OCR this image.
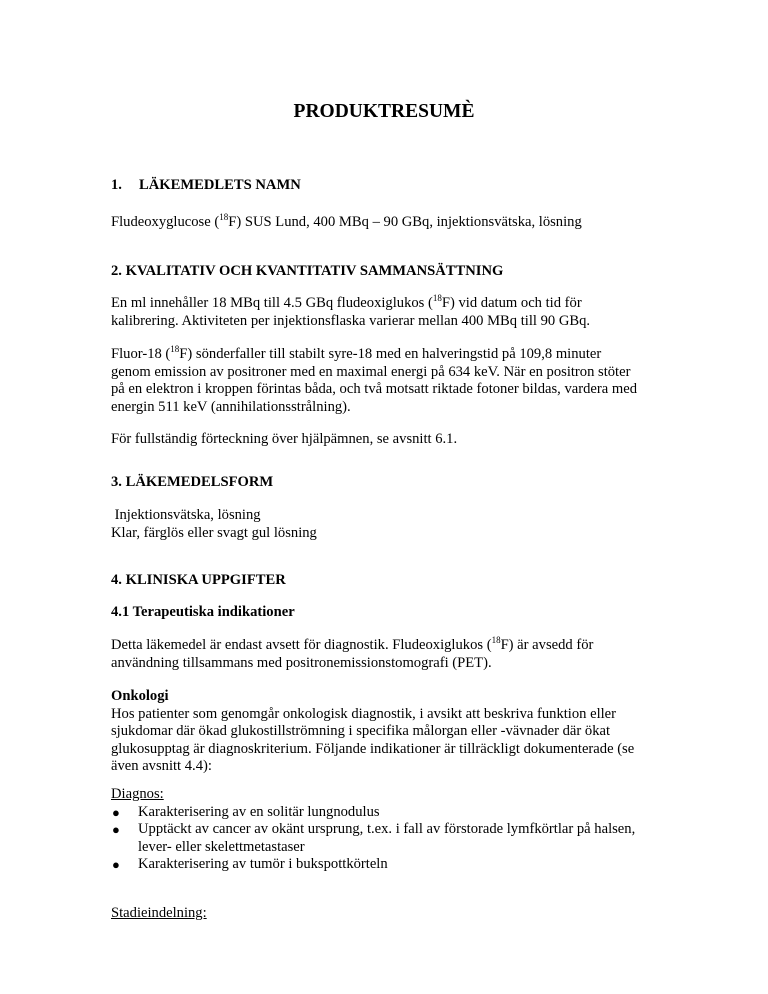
PRODUKTRESUMÈ
1. LÄKEMEDLETS NAMN

Fludeoxyglucose ($^{18}$F) SUS Lund, 400 MBq – 90 GBq, injektionsvätska, lösning

2. KVALITATIV OCH KVANTITATIV SAMMANSÄTTNING

En ml innehåller 18 MBq till 4.5 GBq fludeoxiglukos ($^{18}$F) vid datum och tid för
kalibrering. Aktiviteten per injektionsflaska varierar mellan 400 MBq till 90 GBq.

Fluor-18 ($^{18}$F) sönderfaller till stabilt syre-18 med en halveringstid på 109,8 minuter
genom emission av positroner med en maximal energi på 634 keV. När en positron stöter
på en elektron i kroppen förintas båda, och två motsatt riktade fotoner bildas, vardera med
energin 511 keV (annihilationsstrålning).

För fullständig förteckning över hjälpämnen, se avsnitt 6.1.

3. LÄKEMEDELSFORM

Injektionsvätska, lösning
Klar, färglös eller svagt gul lösning

4. KLINISKA UPPGIFTER
4.1 Terapeutiska indikationer

Detta läkemedel är endast avsett för diagnostik. Fludeoxiglukos ($^{18}$F) är avsedd för
användning tillsammans med positronemissionstomografi (PET).

Onkologi
Hos patienter som genomgår onkologisk diagnostik, i avsikt att beskriva funktion eller
sjukdomar där ökad glukostillströmning i specifika målorgan eller -vävnader där ökat
glukosupptag är diagnoskriterium. Följande indikationer är tillräckligt dokumenterade (se
även avsnitt 4.4):

Diagnos:
● Karakterisering av en solitär lungnodulus
● Upptäckt av cancer av okänt ursprung, t.ex. i fall av förstorade lymfkörtlar på halsen,
lever- eller skelettmetastaser
● Karakterisering av tumör i bukspottkörteln
Stadieindelning:
